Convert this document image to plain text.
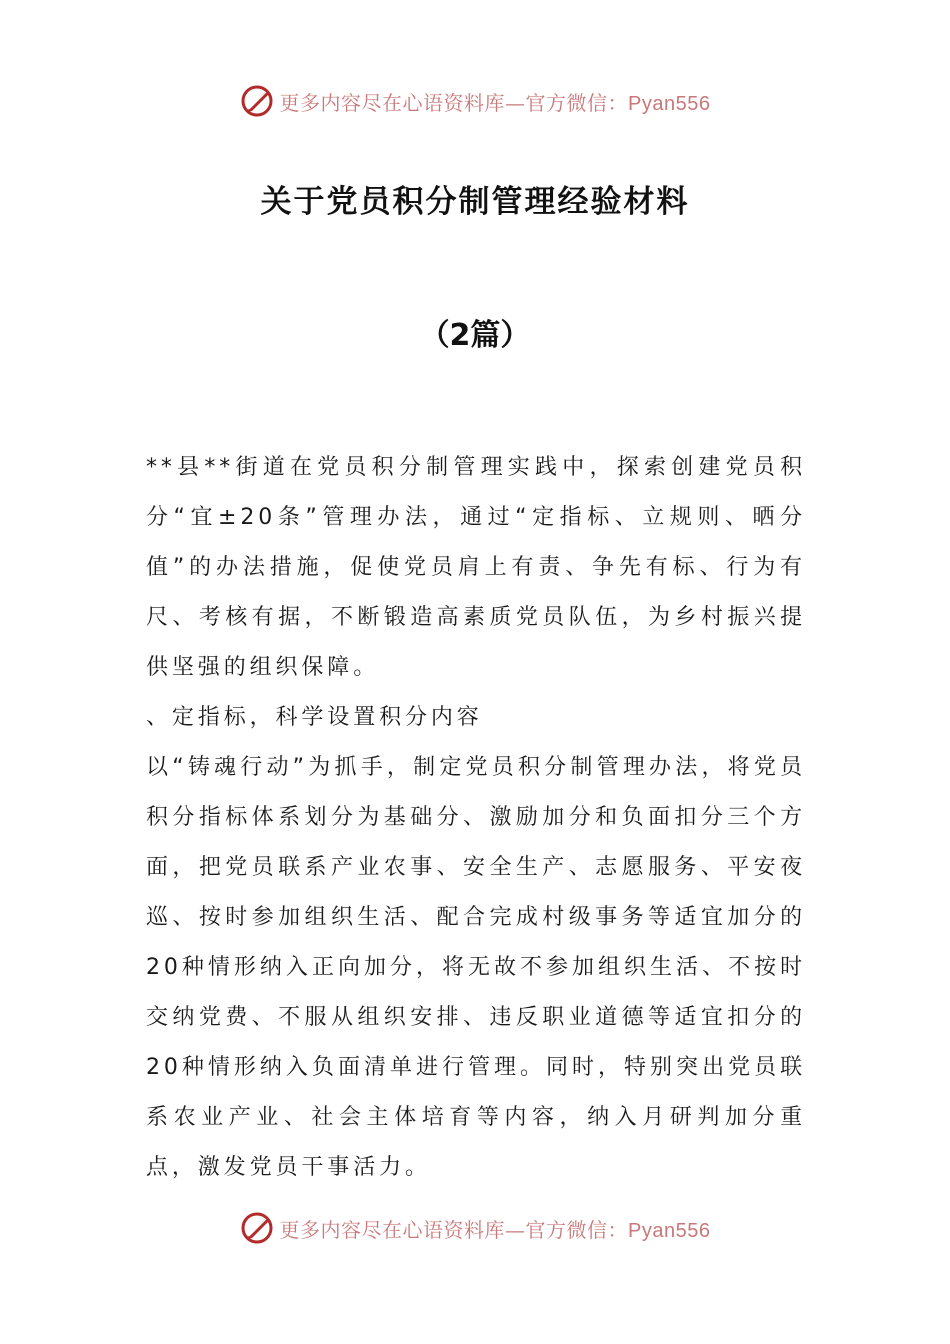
更多内容尽在心语资料库—官方微信：Pyan556
关于党员积分制管理经验材料
（2篇）

**县**街道在党员积分制管理实践中，探索创建党员积分“宜±20条”管理办法，通过“定指标、立规则、晒分值”的办法措施，促使党员肩上有责、争先有标、行为有尺、考核有据，不断锻造高素质党员队伍，为乡村振兴提供坚强的组织保障。

、定指标，科学设置积分内容

以“铸魂行动”为抓手，制定党员积分制管理办法，将党员积分指标体系划分为基础分、激励加分和负面扣分三个方面，把党员联系产业农事、安全生产、志愿服务、平安夜巡、按时参加组织生活、配合完成村级事务等适宜加分的20种情形纳入正向加分，将无故不参加组织生活、不按时交纳党费、不服从组织安排、违反职业道德等适宜扣分的20种情形纳入负面清单进行管理。同时，特别突出党员联系农业产业、社会主体培育等内容，纳入月研判加分重点，激发党员干事活力。

更多内容尽在心语资料库—官方微信：Pyan556
